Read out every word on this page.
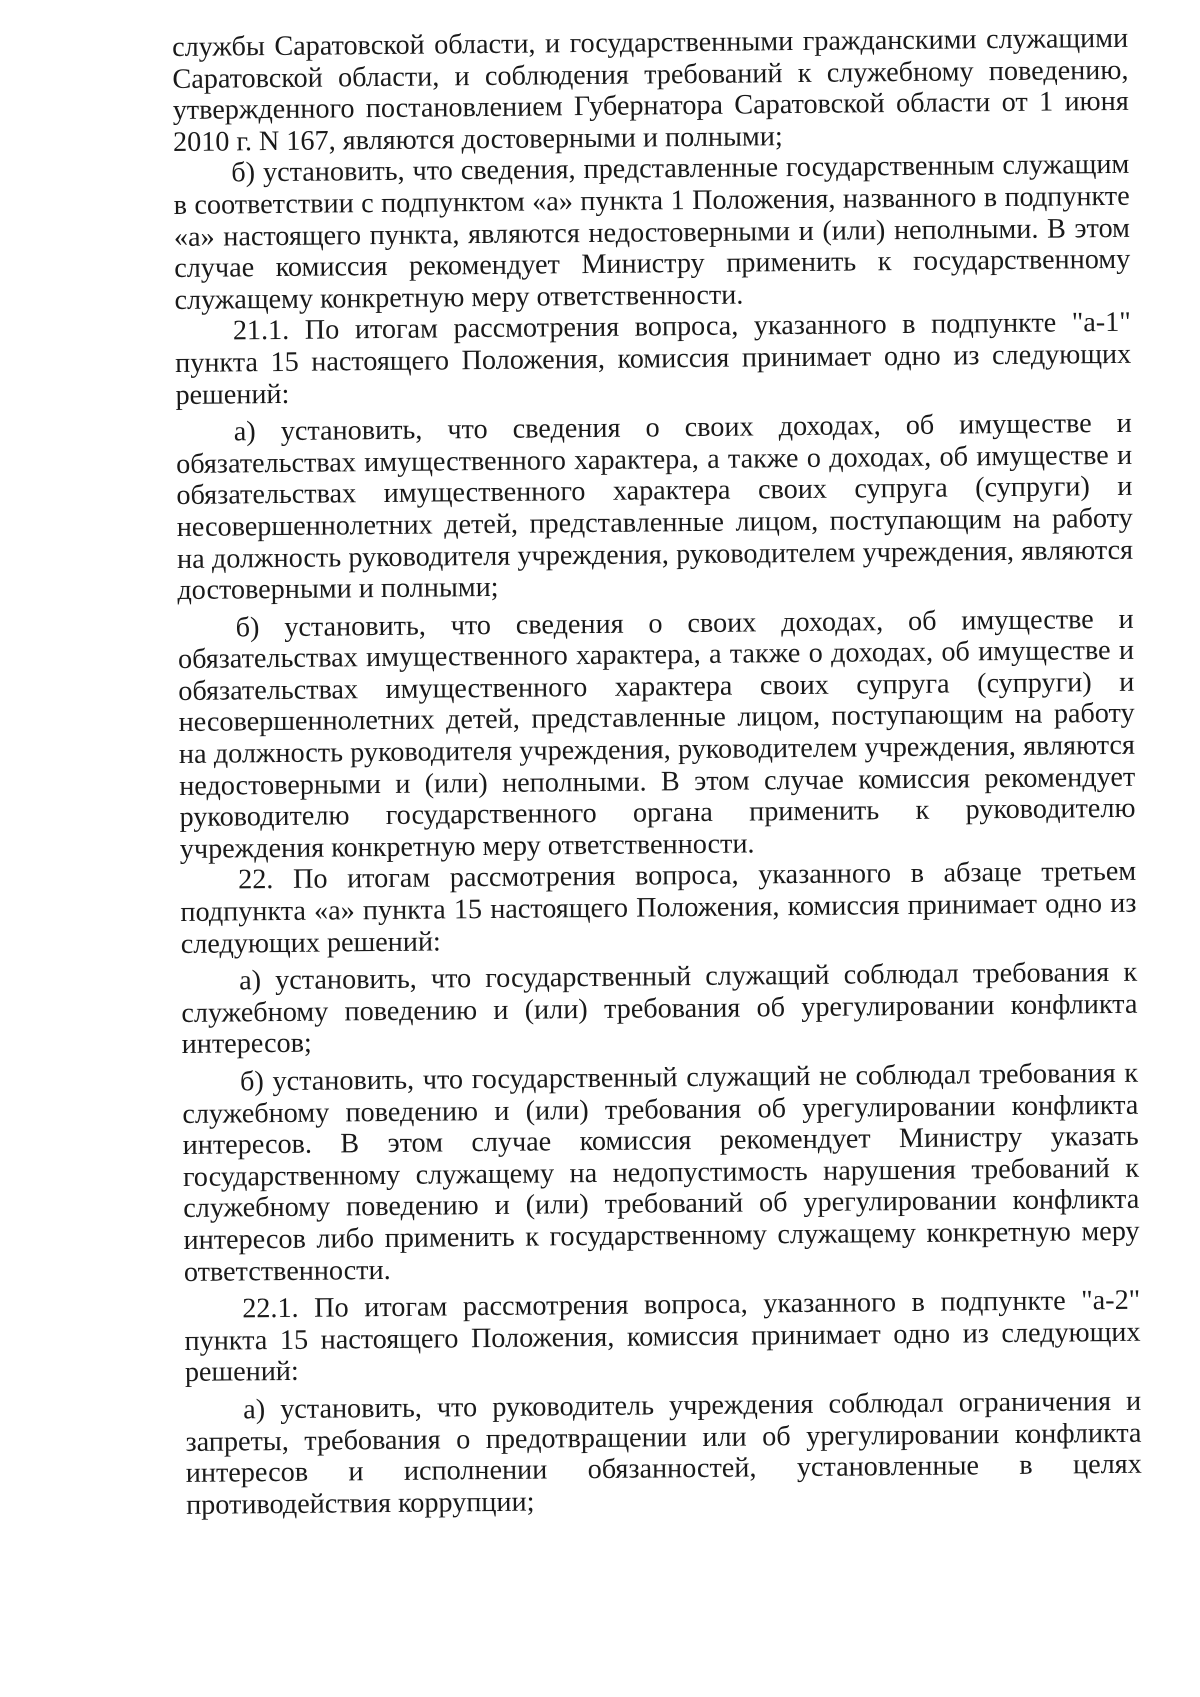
службы Саратовской области, и государственными гражданскими служащими Саратовской области, и соблюдения требований к служебному поведению, утвержденного постановлением Губернатора Саратовской области от 1 июня 2010 г. N 167, являются достоверными и полными;

б) установить, что сведения, представленные государственным служащим в соответствии с подпунктом «а» пункта 1 Положения, названного в подпункте «а» настоящего пункта, являются недостоверными и (или) неполными. В этом случае комиссия рекомендует Министру применить к государственному служащему конкретную меру ответственности.

21.1. По итогам рассмотрения вопроса, указанного в подпункте "а-1" пункта 15 настоящего Положения, комиссия принимает одно из следующих решений:

а) установить, что сведения о своих доходах, об имуществе и обязательствах имущественного характера, а также о доходах, об имуществе и обязательствах имущественного характера своих супруга (супруги) и несовершеннолетних детей, представленные лицом, поступающим на работу на должность руководителя учреждения, руководителем учреждения, являются достоверными и полными;

б) установить, что сведения о своих доходах, об имуществе и обязательствах имущественного характера, а также о доходах, об имуществе и обязательствах имущественного характера своих супруга (супруги) и несовершеннолетних детей, представленные лицом, поступающим на работу на должность руководителя учреждения, руководителем учреждения, являются недостоверными и (или) неполными. В этом случае комиссия рекомендует руководителю государственного органа применить к руководителю учреждения конкретную меру ответственности.

22. По итогам рассмотрения вопроса, указанного в абзаце третьем подпункта «а» пункта 15 настоящего Положения, комиссия принимает одно из следующих решений:

а) установить, что государственный служащий соблюдал требования к служебному поведению и (или) требования об урегулировании конфликта интересов;

б) установить, что государственный служащий не соблюдал требования к служебному поведению и (или) требования об урегулировании конфликта интересов. В этом случае комиссия рекомендует Министру указать государственному служащему на недопустимость нарушения требований к служебному поведению и (или) требований об урегулировании конфликта интересов либо применить к государственному служащему конкретную меру ответственности.

22.1. По итогам рассмотрения вопроса, указанного в подпункте "а-2" пункта 15 настоящего Положения, комиссия принимает одно из следующих решений:

а) установить, что руководитель учреждения соблюдал ограничения и запреты, требования о предотвращении или об урегулировании конфликта интересов и исполнении обязанностей, установленные в целях противодействия коррупции;
